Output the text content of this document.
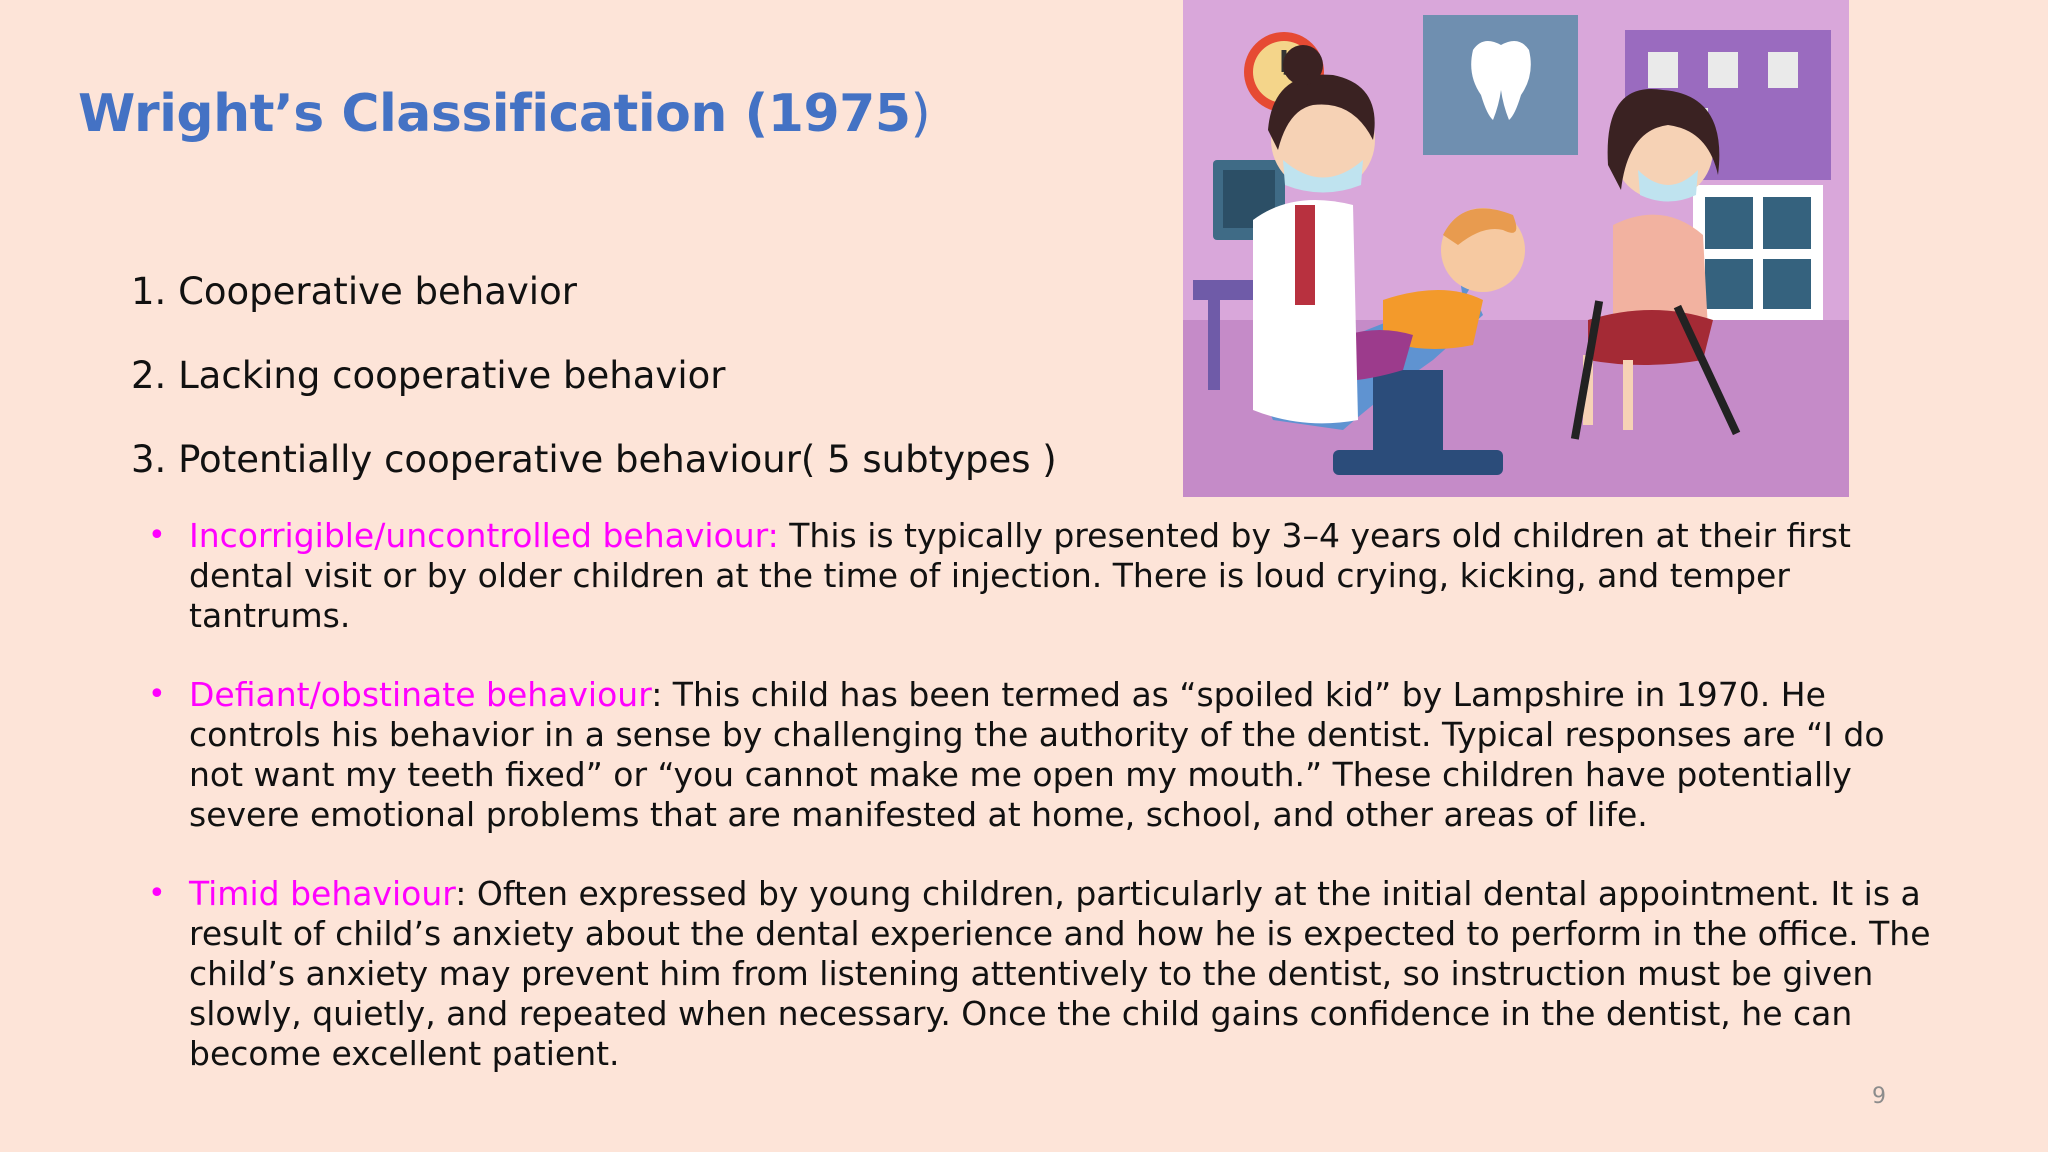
Wright’s Classification (1975)
1. Cooperative behavior
2. Lacking cooperative behavior
3. Potentially cooperative behaviour( 5 subtypes )
• Incorrigible/uncontrolled behaviour: This is typically presented by 3–4 years old children at their first dental visit or by older children at the time of injection. There is loud crying, kicking, and temper tantrums.
• Defiant/obstinate behaviour: This child has been termed as “spoiled kid” by Lampshire in 1970. He controls his behavior in a sense by challenging the authority of the dentist. Typical responses are “I do not want my teeth fixed” or “you cannot make me open my mouth.” These children have potentially severe emotional problems that are manifested at home, school, and other areas of life.
• Timid behaviour: Often expressed by young children, particularly at the initial dental appointment. It is a result of child’s anxiety about the dental experience and how he is expected to perform in the office. The child’s anxiety may prevent him from listening attentively to the dentist, so instruction must be given slowly, quietly, and repeated when necessary. Once the child gains confidence in the dentist, he can become excellent patient.
9
